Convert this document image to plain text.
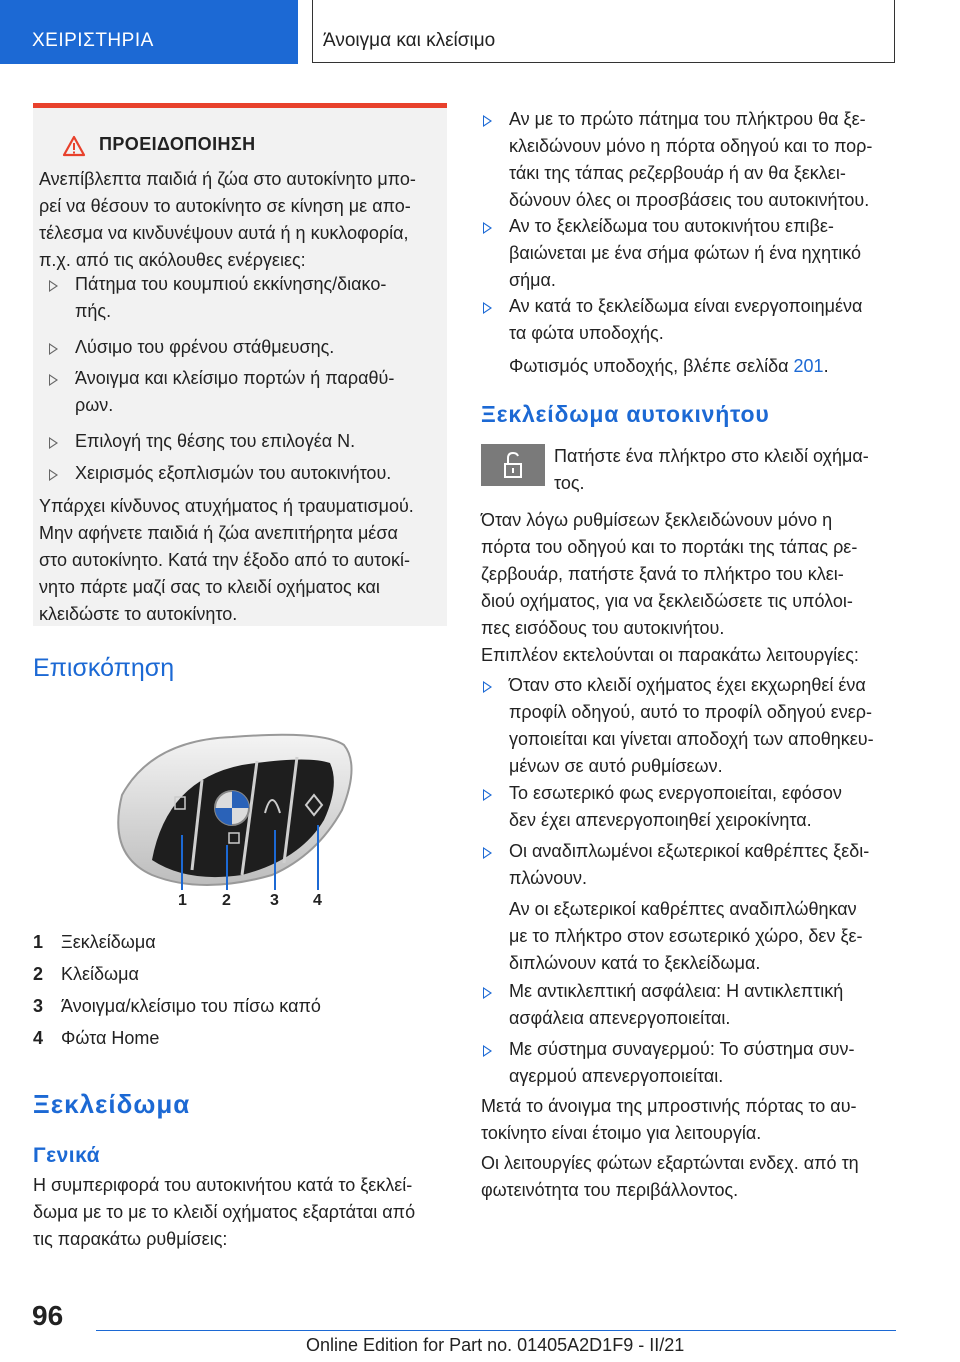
ΧΕΙΡΙΣΤΗΡΙΑ	Άνοιγμα και κλείσιμο
ΠΡΟΕΙΔΟΠΟΙΗΣΗ
Ανεπίβλεπτα παιδιά ή ζώα στο αυτοκίνητο μπο-
ρεί να θέσουν το αυτοκίνητο σε κίνηση με απο-
τέλεσμα να κινδυνέψουν αυτά ή η κυκλοφορία,
π.χ. από τις ακόλουθες ενέργειες:
Πάτημα του κουμπιού εκκίνησης/διακο-
πής.
Λύσιμο του φρένου στάθμευσης.
Άνοιγμα και κλείσιμο πορτών ή παραθύ-
ρων.
Επιλογή της θέσης του επιλογέα N.
Χειρισμός εξοπλισμών του αυτοκινήτου.
Υπάρχει κίνδυνος ατυχήματος ή τραυματισμού.
Μην αφήνετε παιδιά ή ζώα ανεπιτήρητα μέσα
στο αυτοκίνητο. Κατά την έξοδο από το αυτοκί-
νητο πάρτε μαζί σας το κλειδί οχήματος και
κλειδώστε το αυτοκίνητο.
Επισκόπηση
1 2 3 4
1 Ξεκλείδωμα
2 Κλείδωμα
3 Άνοιγμα/κλείσιμο του πίσω καπό
4 Φώτα Home
Ξεκλείδωμα
Γενικά
Η συμπεριφορά του αυτοκινήτου κατά το ξεκλεί-
δωμα με το με το κλειδί οχήματος εξαρτάται από
τις παρακάτω ρυθμίσεις:
Αν με το πρώτο πάτημα του πλήκτρου θα ξε-
κλειδώνουν μόνο η πόρτα οδηγού και το πορ-
τάκι της τάπας ρεζερβουάρ ή αν θα ξεκλει-
δώνουν όλες οι προσβάσεις του αυτοκινήτου.
Αν το ξεκλείδωμα του αυτοκινήτου επιβε-
βαιώνεται με ένα σήμα φώτων ή ένα ηχητικό
σήμα.
Αν κατά το ξεκλείδωμα είναι ενεργοποιημένα
τα φώτα υποδοχής.
Φωτισμός υποδοχής, βλέπε σελίδα 201.
Ξεκλείδωμα αυτοκινήτου
Πατήστε ένα πλήκτρο στο κλειδί οχήμα-
τος.
Όταν λόγω ρυθμίσεων ξεκλειδώνουν μόνο η
πόρτα του οδηγού και το πορτάκι της τάπας ρε-
ζερβουάρ, πατήστε ξανά το πλήκτρο του κλει-
διού οχήματος, για να ξεκλειδώσετε τις υπόλοι-
πες εισόδους του αυτοκινήτου.
Επιπλέον εκτελούνται οι παρακάτω λειτουργίες:
Όταν στο κλειδί οχήματος έχει εκχωρηθεί ένα
προφίλ οδηγού, αυτό το προφίλ οδηγού ενερ-
γοποιείται και γίνεται αποδοχή των αποθηκευ-
μένων σε αυτό ρυθμίσεων.
Το εσωτερικό φως ενεργοποιείται, εφόσον
δεν έχει απενεργοποιηθεί χειροκίνητα.
Οι αναδιπλωμένοι εξωτερικοί καθρέπτες ξεδι-
πλώνουν.
Αν οι εξωτερικοί καθρέπτες αναδιπλώθηκαν
με το πλήκτρο στον εσωτερικό χώρο, δεν ξε-
διπλώνουν κατά το ξεκλείδωμα.
Με αντικλεπτική ασφάλεια: Η αντικλεπτική
ασφάλεια απενεργοποιείται.
Με σύστημα συναγερμού: Το σύστημα συν-
αγερμού απενεργοποιείται.
Μετά το άνοιγμα της μπροστινής πόρτας το αυ-
τοκίνητο είναι έτοιμο για λειτουργία.
Οι λειτουργίες φώτων εξαρτώνται ενδεχ. από τη
φωτεινότητα του περιβάλλοντος.
96
Online Edition for Part no. 01405A2D1F9 - II/21
